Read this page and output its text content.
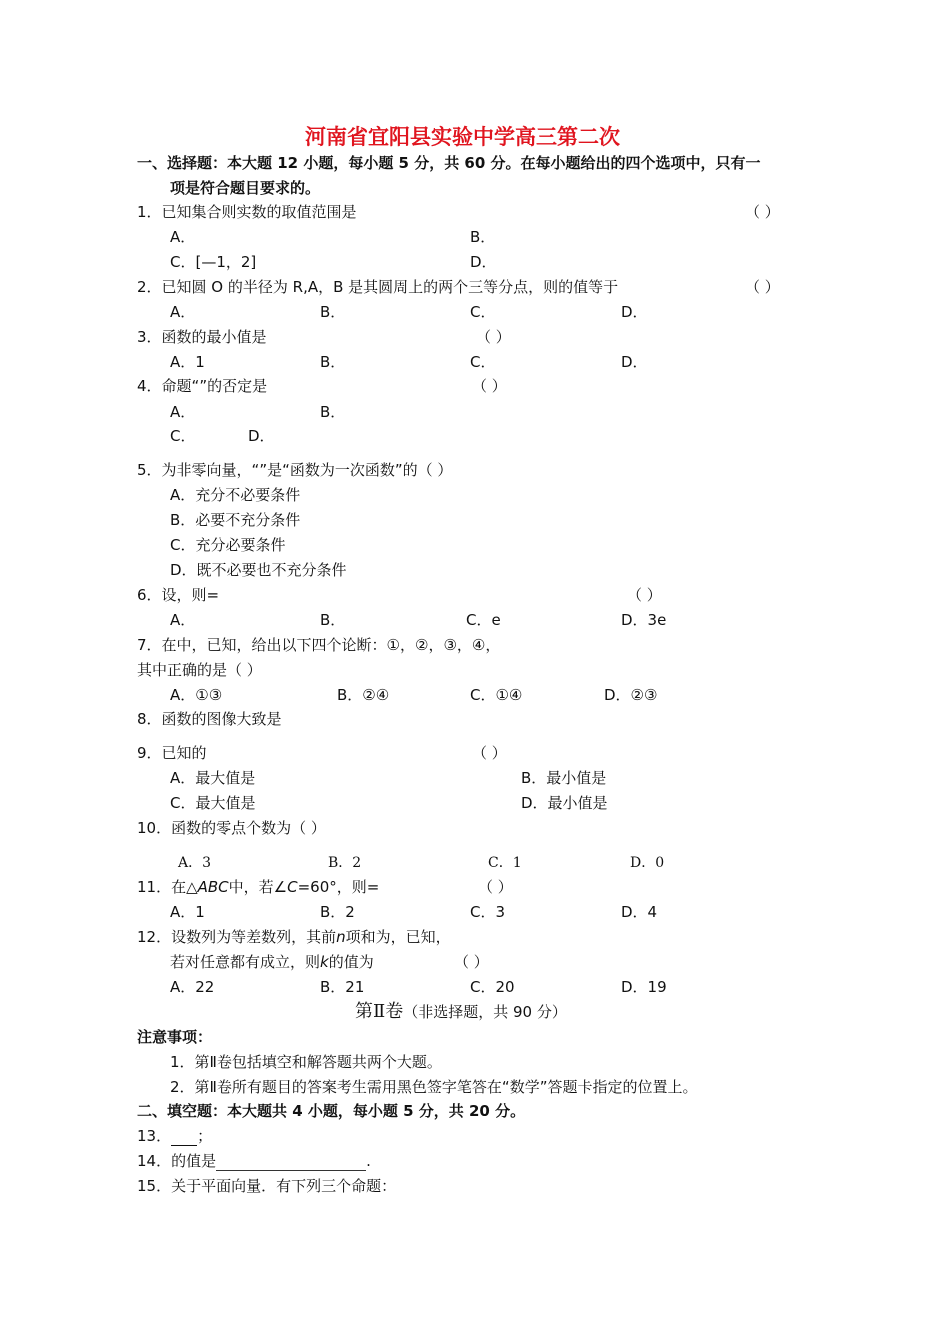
河南省宜阳县实验中学高三第二次
一、选择题：本大题 12 小题，每小题 5 分，共 60 分。在每小题给出的四个选项中，只有一
项是符合题目要求的。
1．已知集合则实数的取值范围是	（ ）
A．	B．
C．[—1，2]	D．
2．已知圆 O 的半径为 R,A，B 是其圆周上的两个三等分点，则的值等于	（ ）
A．	B．	C．	D．
3．函数的最小值是	（ ）
A．1	B．	C．	D．
4．命题“”的否定是	（ ）
A．	B．
C．	D．
5．为非零向量，“”是“函数为一次函数”的（ ）
A．充分不必要条件
B．必要不充分条件
C．充分必要条件
D．既不必要也不充分条件
6．设，则=	（ ）
A．	B．	C．e	D．3e
7．在中，已知，给出以下四个论断：①，②，③，④，
其中正确的是（ ）
A．①③	B．②④	C．①④	D．②③
8．函数的图像大致是
9．已知的	（ ）
A．最大值是	B．最小值是
C．最大值是	D．最小值是
10．函数的零点个数为（ ）
A．3	B．2	C．1	D．0
11．在△ABC中，若∠C=60°，则=	（ ）
A．1	B．2	C．3	D．4
12．设数列为等差数列，其前n项和为，已知，
若对任意都有成立，则k的值为	（ ）
A．22	B．21	C．20	D．19
第Ⅱ卷（非选择题，共 90 分）
注意事项：
1．第Ⅱ卷包括填空和解答题共两个大题。
2．第Ⅱ卷所有题目的答案考生需用黑色签字笔答在“数学”答题卡指定的位置上。
二、填空题：本大题共 4 小题，每小题 5 分，共 20 分。
13． ；
14．的值是	.
15．关于平面向量．有下列三个命题：
